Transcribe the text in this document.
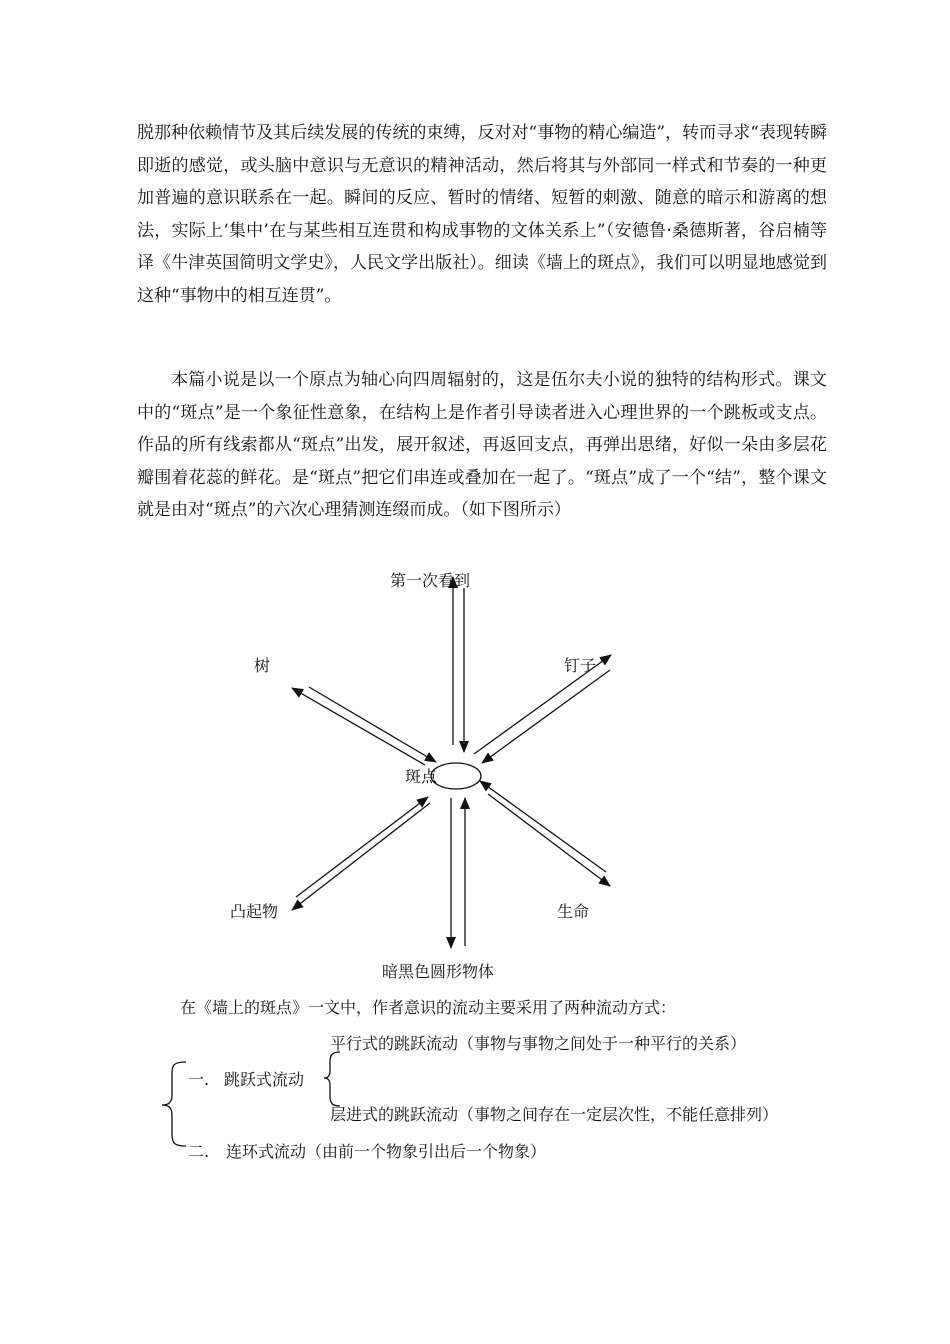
脱那种依赖情节及其后续发展的传统的束缚，反对对“事物的精心编造”，转而寻求“表现转瞬即逝的感觉，或头脑中意识与无意识的精神活动，然后将其与外部同一样式和节奏的一种更加普遍的意识联系在一起。瞬间的反应、暂时的情绪、短暂的刺激、随意的暗示和游离的想法，实际上‘集中’在与某些相互连贯和构成事物的文体关系上”（安德鲁·桑德斯著，谷启楠等译《牛津英国简明文学史》，人民文学出版社）。细读《墙上的斑点》，我们可以明显地感觉到这种“事物中的相互连贯”。

本篇小说是以一个原点为轴心向四周辐射的，这是伍尔夫小说的独特的结构形式。课文中的“斑点”是一个象征性意象，在结构上是作者引导读者进入心理世界的一个跳板或支点。作品的所有线索都从“斑点”出发，展开叙述，再返回支点，再弹出思绪，好似一朵由多层花瓣围着花蕊的鲜花。是“斑点”把它们串连或叠加在一起了。“斑点”成了一个“结”，整个课文就是由对“斑点”的六次心理猜测连缀而成。（如下图所示）

第一次看到
树	钉子
斑点
凸起物	生命
暗黑色圆形物体
在《墙上的斑点》一文中，作者意识的流动主要采用了两种流动方式：
平行式的跳跃流动（事物与事物之间处于一种平行的关系）
一. 跳跃式流动
层进式的跳跃流动（事物之间存在一定层次性，不能任意排列）
二. 连环式流动（由前一个物象引出后一个物象）
